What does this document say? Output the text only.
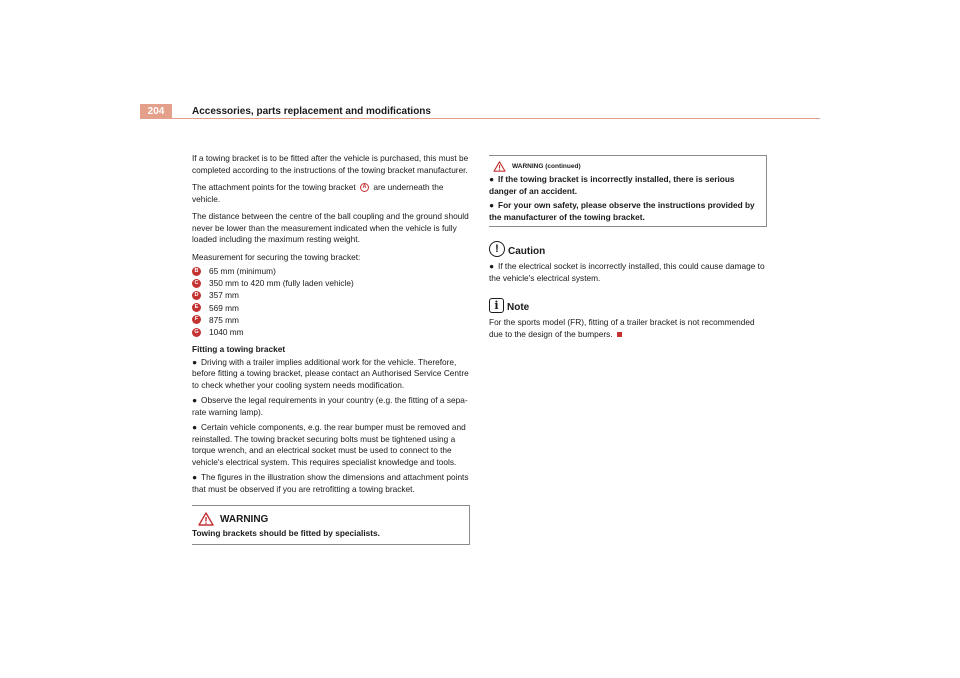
204	Accessories, parts replacement and modifications

If a towing bracket is to be fitted after the vehicle is purchased, this must be completed according to the instructions of the towing bracket manufacturer.

The attachment points for the towing bracket A are underneath the vehicle.

The distance between the centre of the ball coupling and the ground should never be lower than the measurement indicated when the vehicle is fully loaded including the maximum resting weight.

Measurement for securing the towing bracket:

B	65 mm (minimum)
C	350 mm to 420 mm (fully laden vehicle)
D	357 mm
E	569 mm
F	875 mm
G 1040 mm
Fitting a towing bracket

● Driving with a trailer implies additional work for the vehicle. Therefore, before fitting a towing bracket, please contact an Authorised Service Centre to check whether your cooling system needs modification.

● Observe the legal requirements in your country (e.g. the fitting of a sepa-rate warning lamp).

● Certain vehicle components, e.g. the rear bumper must be removed and reinstalled. The towing bracket securing bolts must be tightened using a torque wrench, and an electrical socket must be used to connect to the vehicle's electrical system. This requires specialist knowledge and tools.

● The figures in the illustration show the dimensions and attachment points that must be observed if you are retrofitting a towing bracket.

WARNING
Towing brackets should be fitted by specialists.
WARNING (continued)

● If the towing bracket is incorrectly installed, there is serious danger of an accident.

● For your own safety, please observe the instructions provided by the manufacturer of the towing bracket.

! Caution

● If the electrical socket is incorrectly installed, this could cause damage to the vehicle's electrical system.

i Note

For the sports model (FR), fitting of a trailer bracket is not recommended due to the design of the bumpers.
